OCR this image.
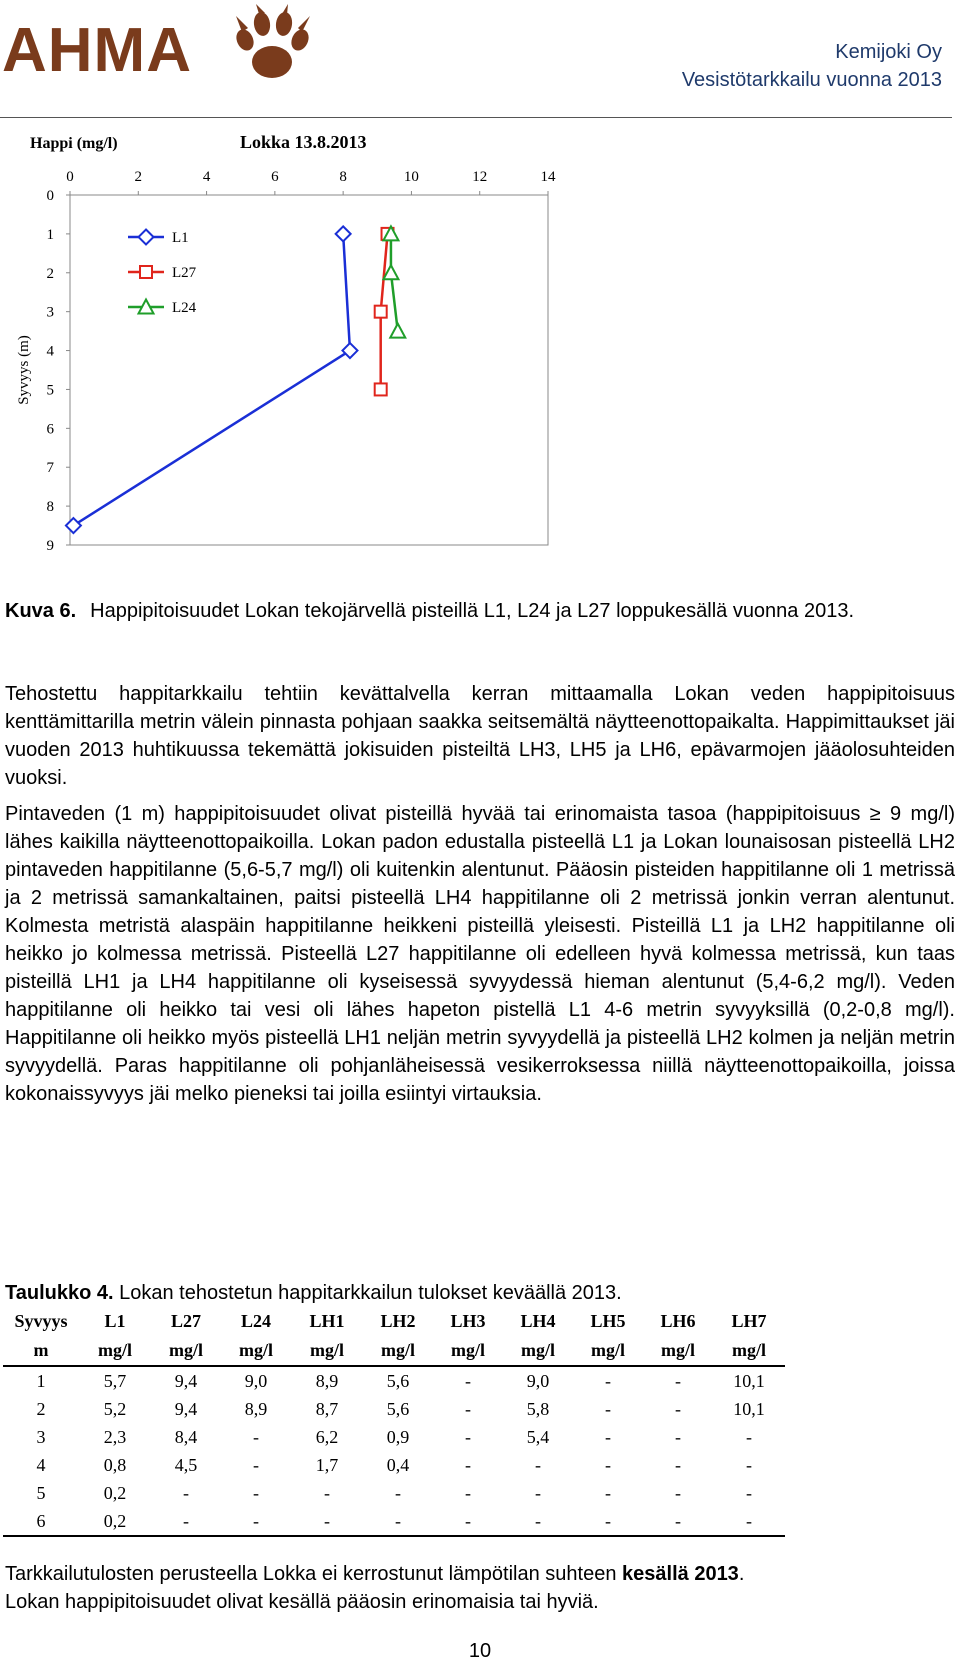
AHMA	Kemijoki Oy
Vesistötarkkailu vuonna 2013
Happi (mg/l)	Lokka 13.8.2013
0	2	4	6	8	10	12	14
0
1
2
3
4
5
6
7
8
9
Syvyys (m)
L1
L27
L24
Kuva 6. Happipitoisuudet Lokan tekojärvellä pisteillä L1, L24 ja L27 loppukesällä vuonna 2013.
Tehostettu happitarkkailu tehtiin kevättalvella kerran mittaamalla Lokan veden happipitoisuus kenttämittarilla metrin välein pinnasta pohjaan saakka seitsemältä näytteenottopaikalta. Happimittaukset jäi vuoden 2013 huhtikuussa tekemättä jokisuiden pisteiltä LH3, LH5 ja LH6, epävarmojen jääolosuhteiden vuoksi.
Pintaveden (1 m) happipitoisuudet olivat pisteillä hyvää tai erinomaista tasoa (happipitoisuus ≥ 9 mg/l) lähes kaikilla näytteenottopaikoilla. Lokan padon edustalla pisteellä L1 ja Lokan lounaisosan pisteellä LH2 pintaveden happitilanne (5,6-5,7 mg/l) oli kuitenkin alentunut. Pääosin pisteiden happitilanne oli 1 metrissä ja 2 metrissä samankaltainen, paitsi pisteellä LH4 happitilanne oli 2 metrissä jonkin verran alentunut. Kolmesta metristä alaspäin happitilanne heikkeni pisteillä yleisesti. Pisteillä L1 ja LH2 happitilanne oli heikko jo kolmessa metrissä. Pisteellä L27 happitilanne oli edelleen hyvä kolmessa metrissä, kun taas pisteillä LH1 ja LH4 happitilanne oli kyseisessä syvyydessä hieman alentunut (5,4-6,2 mg/l). Veden happitilanne oli heikko tai vesi oli lähes hapeton pistellä L1 4-6 metrin syvyyksillä (0,2-0,8 mg/l). Happitilanne oli heikko myös pisteellä LH1 neljän metrin syvyydellä ja pisteellä LH2 kolmen ja neljän metrin syvyydellä. Paras happitilanne oli pohjanläheisessä vesikerroksessa niillä näytteenottopaikoilla, joissa kokonaissyvyys jäi melko pieneksi tai joilla esiintyi virtauksia.
Taulukko 4. Lokan tehostetun happitarkkailun tulokset keväällä 2013.
Syvyys	L1	L27	L24	LH1	LH2	LH3	LH4	LH5	LH6	LH7
m	mg/l	mg/l	mg/l	mg/l	mg/l	mg/l	mg/l	mg/l	mg/l	mg/l
1	5,7	9,4	9,0	8,9	5,6	-	9,0	-	-	10,1
2	5,2	9,4	8,9	8,7	5,6	-	5,8	-	-	10,1
3	2,3	8,4	-	6,2	0,9	-	5,4	-	-	-
4	0,8	4,5	-	1,7	0,4	-	-	-	-	-
5	0,2	-	-	-	-	-	-	-	-	-
6	0,2	-	-	-	-	-	-	-	-	-
Tarkkailutulosten perusteella Lokka ei kerrostunut lämpötilan suhteen kesällä 2013.
Lokan happipitoisuudet olivat kesällä pääosin erinomaisia tai hyviä.
10
